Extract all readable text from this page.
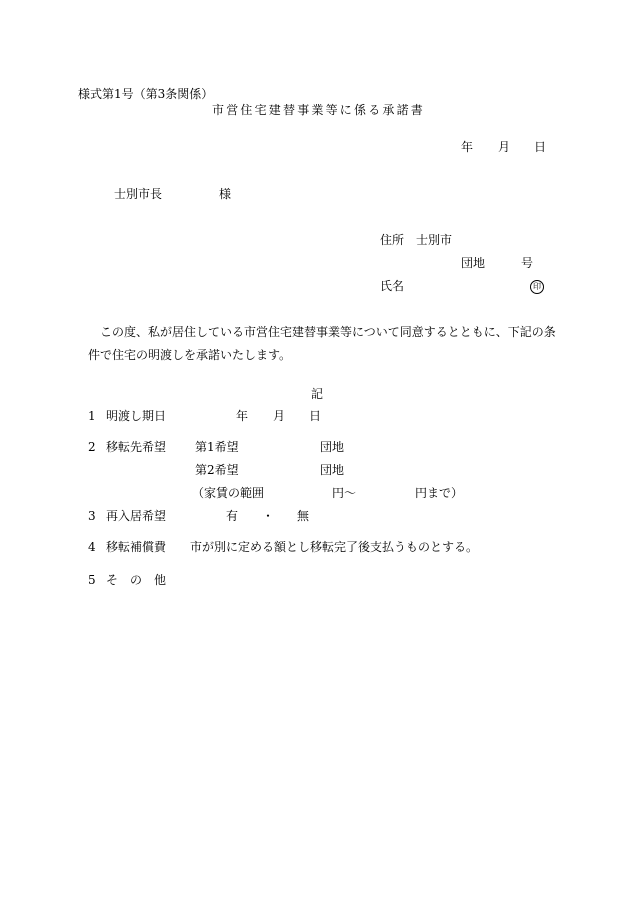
様式第1号（第3条関係）
市営住宅建替事業等に係る承諾書
年 月 日
士別市長	様
住所 士別市
団地	号
氏名	印
この度、私が居住している市営住宅建替事業等について同意するとともに、下記の条
件で住宅の明渡しを承諾いたします。
記
1 明渡し期日	年 月 日
2 移転先希望 第1希望	団地
第2希望	団地
（家賃の範囲	円～	円まで）
3 再入居希望	有 ・ 無
4 移転補償費 市が別に定める額とし移転完了後支払うものとする。
5 そ　の　他
